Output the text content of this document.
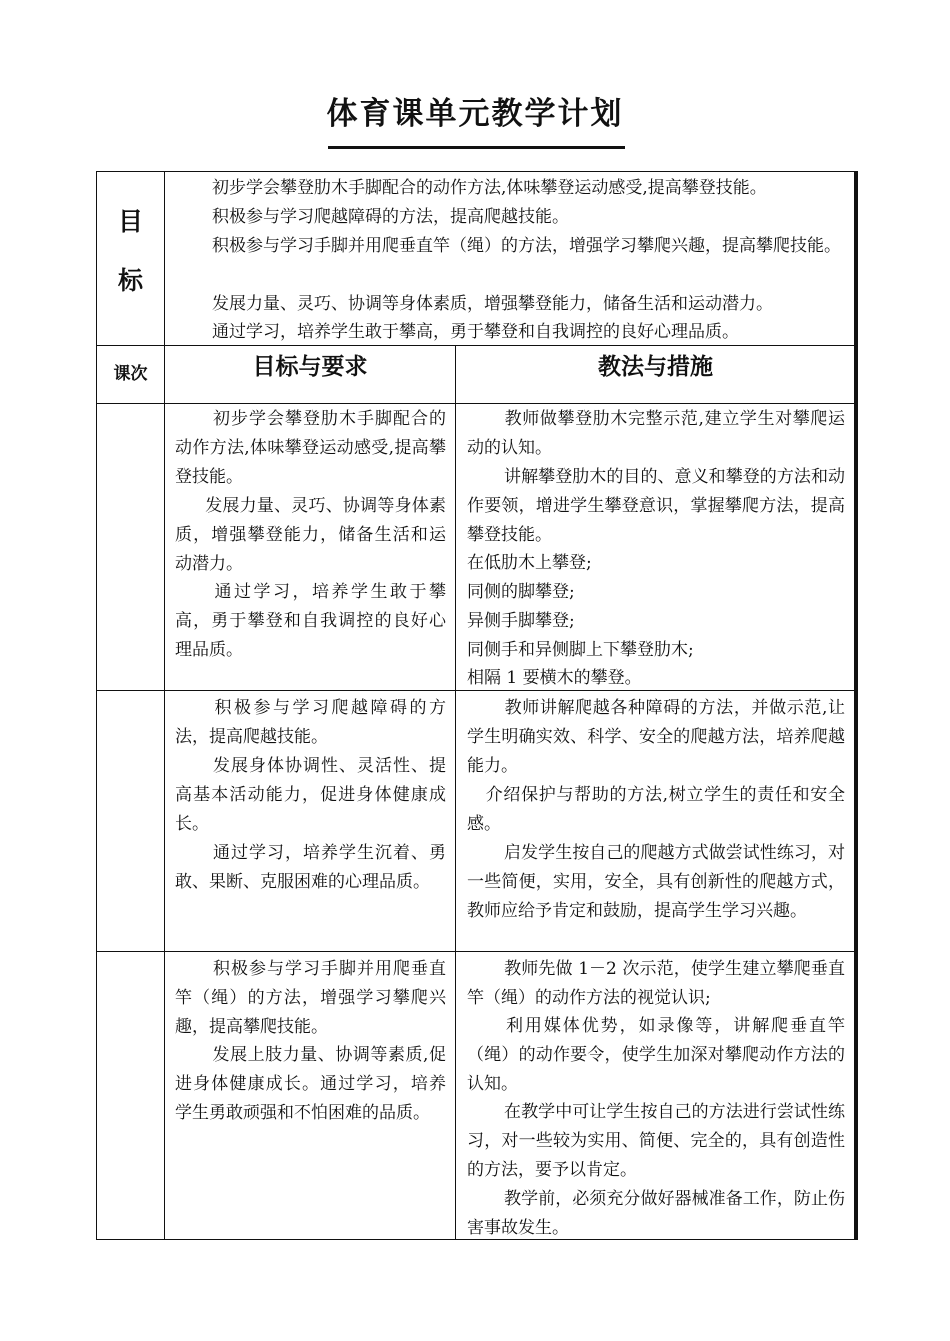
体育课单元教学计划
目
标
初步学会攀登肋木手脚配合的动作方法,体味攀登运动感受,提高攀登技能。
积极参与学习爬越障碍的方法，提高爬越技能。
积极参与学习手脚并用爬垂直竿（绳）的方法，增强学习攀爬兴趣，提高攀爬技能。
发展力量、灵巧、协调等身体素质，增强攀登能力，储备生活和运动潜力。
通过学习，培养学生敢于攀高，勇于攀登和自我调控的良好心理品质。
课次	目标与要求	教法与措施
初步学会攀登肋木手脚配合的动作方法,体味攀登运动感受,提高攀登技能。
发展力量、灵巧、协调等身体素质，增强攀登能力，储备生活和运动潜力。
通过学习，培养学生敢于攀高，勇于攀登和自我调控的良好心理品质。
教师做攀登肋木完整示范,建立学生对攀爬运动的认知。
讲解攀登肋木的目的、意义和攀登的方法和动作要领，增进学生攀登意识，掌握攀爬方法，提高攀登技能。
在低肋木上攀登;
同侧的脚攀登;
异侧手脚攀登;
同侧手和异侧脚上下攀登肋木;
相隔 1 要横木的攀登。
积极参与学习爬越障碍的方法，提高爬越技能。
发展身体协调性、灵活性、提高基本活动能力，促进身体健康成长。
通过学习，培养学生沉着、勇敢、果断、克服困难的心理品质。
教师讲解爬越各种障碍的方法，并做示范,让学生明确实效、科学、安全的爬越方法，培养爬越能力。
介绍保护与帮助的方法,树立学生的责任和安全感。
启发学生按自己的爬越方式做尝试性练习，对一些简便，实用，安全，具有创新性的爬越方式，教师应给予肯定和鼓励，提高学生学习兴趣。
积极参与学习手脚并用爬垂直竿（绳）的方法，增强学习攀爬兴趣，提高攀爬技能。
发展上肢力量、协调等素质,促进身体健康成长。通过学习，培养学生勇敢顽强和不怕困难的品质。
教师先做 1－2 次示范，使学生建立攀爬垂直竿（绳）的动作方法的视觉认识;
利用媒体优势，如录像等，讲解爬垂直竿（绳）的动作要令，使学生加深对攀爬动作方法的认知。
在教学中可让学生按自己的方法进行尝试性练习，对一些较为实用、简便、完全的，具有创造性的方法，要予以肯定。
教学前，必须充分做好器械准备工作，防止伤害事故发生。
